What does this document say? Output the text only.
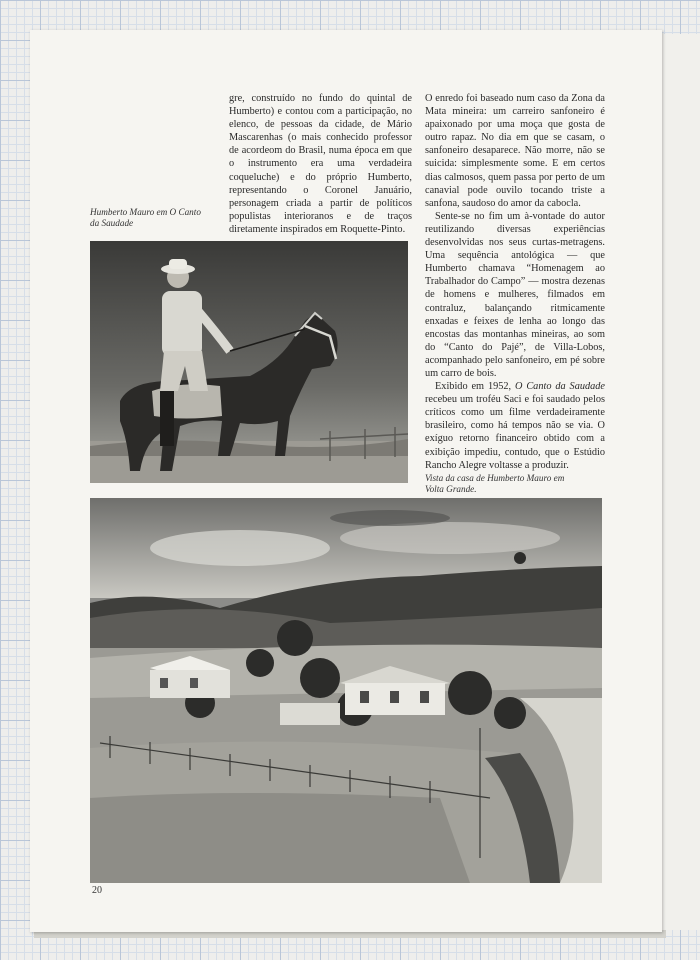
gre, construído no fundo do quintal de Humberto) e contou com a participação, no elenco, de pessoas da cidade, de Mário Mascarenhas (o mais conhecido professor de acordeom do Brasil, numa época em que o instrumento era uma verdadeira coqueluche) e do próprio Humberto, representando o Coronel Januário, personagem criada a partir de políticos populistas interioranos e de traços diretamente inspirados em Roquette-Pinto.

O enredo foi baseado num caso da Zona da Mata mineira: um carreiro sanfoneiro é apaixonado por uma moça que gosta de outro rapaz. No dia em que se casam, o sanfoneiro desaparece. Não morre, não se suicida: simplesmente some. E em certos dias calmosos, quem passa por perto de um canavial pode ouvilo tocando triste a sanfona, saudoso do amor da cabocla.

Sente-se no fim um à-vontade do autor reutilizando diversas experiências desenvolvidas nos seus curtas-metragens. Uma sequência antológica — que Humberto chamava “Homenagem ao Trabalhador do Campo” — mostra dezenas de homens e mulheres, filmados em contraluz, balançando ritmicamente enxadas e feixes de lenha ao longo das encostas das montanhas mineiras, ao som do “Canto do Pajé”, de Villa-Lobos, acompanhado pelo sanfoneiro, em pé sobre um carro de bois.

Exibido em 1952, O Canto da Saudade recebeu um troféu Saci e foi saudado pelos críticos como um filme verdadeiramente brasileiro, como há tempos não se via. O exíguo retorno financeiro obtido com a exibição impediu, contudo, que o Estúdio Rancho Alegre voltasse a produzir.

Humberto Mauro em O Canto da Saudade
Vista da casa de Humberto Mauro em Volta Grande.
20
